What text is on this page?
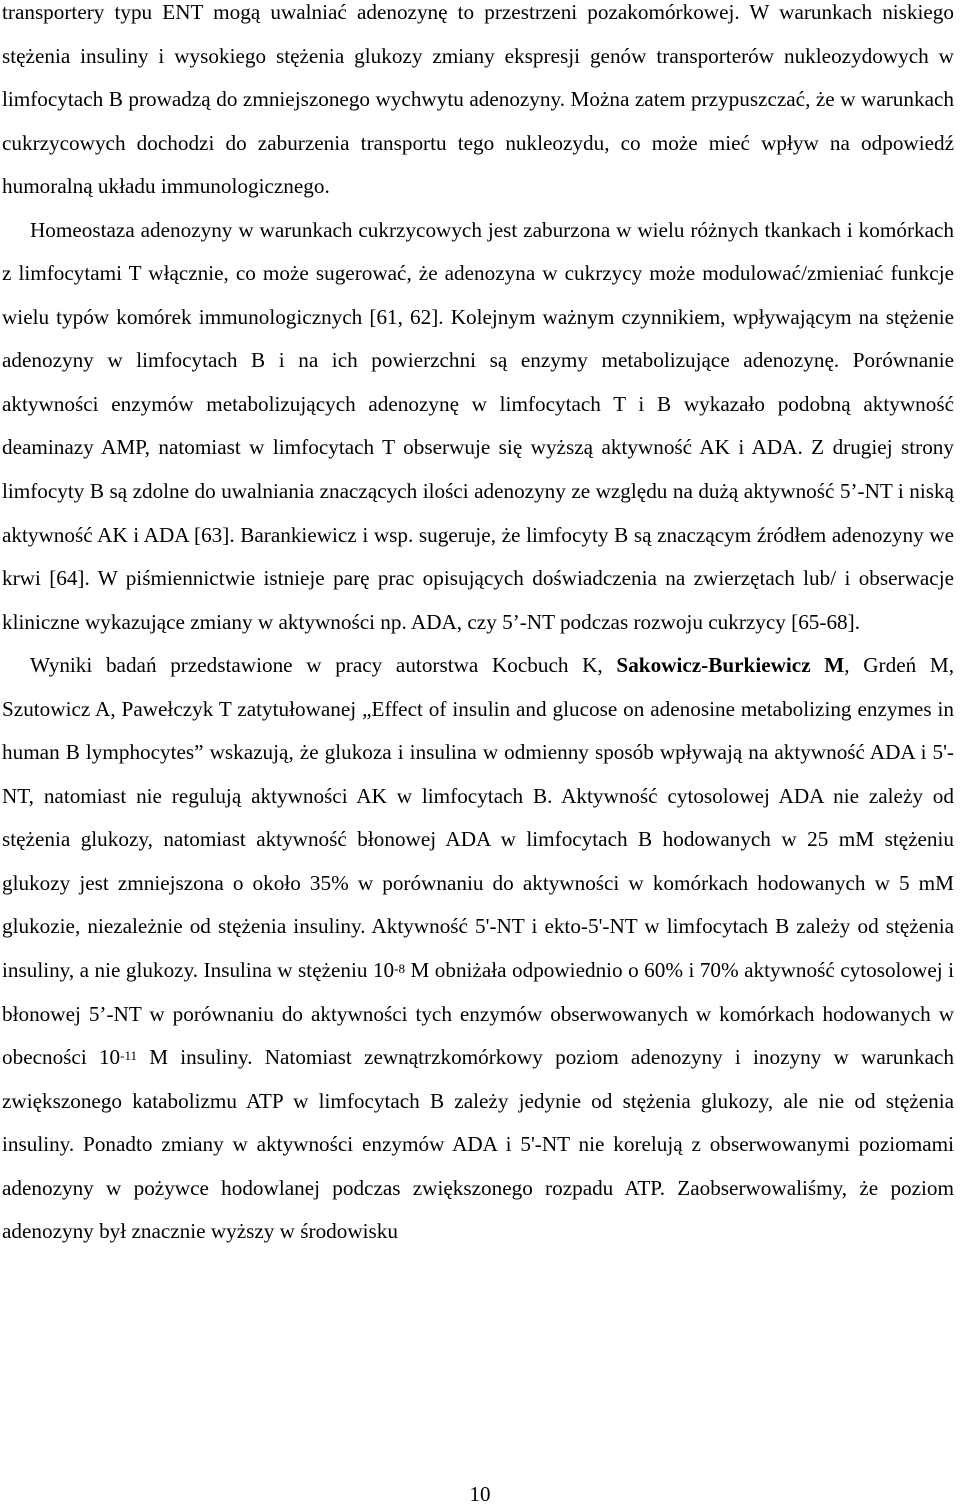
transportery typu ENT mogą uwalniać adenozynę to przestrzeni pozakomórkowej. W warunkach niskiego stężenia insuliny i wysokiego stężenia glukozy zmiany ekspresji genów transporterów nukleozydowych w limfocytach B prowadzą do zmniejszonego wychwytu adenozyny. Można zatem przypuszczać, że w warunkach cukrzycowych dochodzi do zaburzenia transportu tego nukleozydu, co może mieć wpływ na odpowiedź humoralną układu immunologicznego.

Homeostaza adenozyny w warunkach cukrzycowych jest zaburzona w wielu różnych tkankach i komórkach z limfocytami T włącznie, co może sugerować, że adenozyna w cukrzycy może modulować/zmieniać funkcje wielu typów komórek immunologicznych [61, 62]. Kolejnym ważnym czynnikiem, wpływającym na stężenie adenozyny w limfocytach B i na ich powierzchni są enzymy metabolizujące adenozynę. Porównanie aktywności enzymów metabolizujących adenozynę w limfocytach T i B wykazało podobną aktywność deaminazy AMP, natomiast w limfocytach T obserwuje się wyższą aktywność AK i ADA. Z drugiej strony limfocyty B są zdolne do uwalniania znaczących ilości adenozyny ze względu na dużą aktywność 5’-NT i niską aktywność AK i ADA [63]. Barankiewicz i wsp. sugeruje, że limfocyty B są znaczącym źródłem adenozyny we krwi [64]. W piśmiennictwie istnieje parę prac opisujących doświadczenia na zwierzętach lub/ i obserwacje kliniczne wykazujące zmiany w aktywności np. ADA, czy 5’-NT podczas rozwoju cukrzycy [65-68].

Wyniki badań przedstawione w pracy autorstwa Kocbuch K, Sakowicz-Burkiewicz M, Grdeń M, Szutowicz A, Pawełczyk T zatytułowanej „Effect of insulin and glucose on adenosine metabolizing enzymes in human B lymphocytes” wskazują, że glukoza i insulina w odmienny sposób wpływają na aktywność ADA i 5'-NT, natomiast nie regulują aktywności AK w limfocytach B. Aktywność cytosolowej ADA nie zależy od stężenia glukozy, natomiast aktywność błonowej ADA w limfocytach B hodowanych w 25 mM stężeniu glukozy jest zmniejszona o około 35% w porównaniu do aktywności w komórkach hodowanych w 5 mM glukozie, niezależnie od stężenia insuliny. Aktywność 5'-NT i ekto-5'-NT w limfocytach B zależy od stężenia insuliny, a nie glukozy. Insulina w stężeniu $10^{-8}$ M obniżała odpowiednio o 60% i 70% aktywność cytosolowej i błonowej 5’-NT w porównaniu do aktywności tych enzymów obserwowanych w komórkach hodowanych w obecności $10^{-11}$ M insuliny. Natomiast zewnątrzkomórkowy poziom adenozyny i inozyny w warunkach zwiększonego katabolizmu ATP w limfocytach B zależy jedynie od stężenia glukozy, ale nie od stężenia insuliny. Ponadto zmiany w aktywności enzymów ADA i 5'-NT nie korelują z obserwowanymi poziomami adenozyny w pożywce hodowlanej podczas zwiększonego rozpadu ATP. Zaobserwowaliśmy, że poziom adenozyny był znacznie wyższy w środowisku

10
